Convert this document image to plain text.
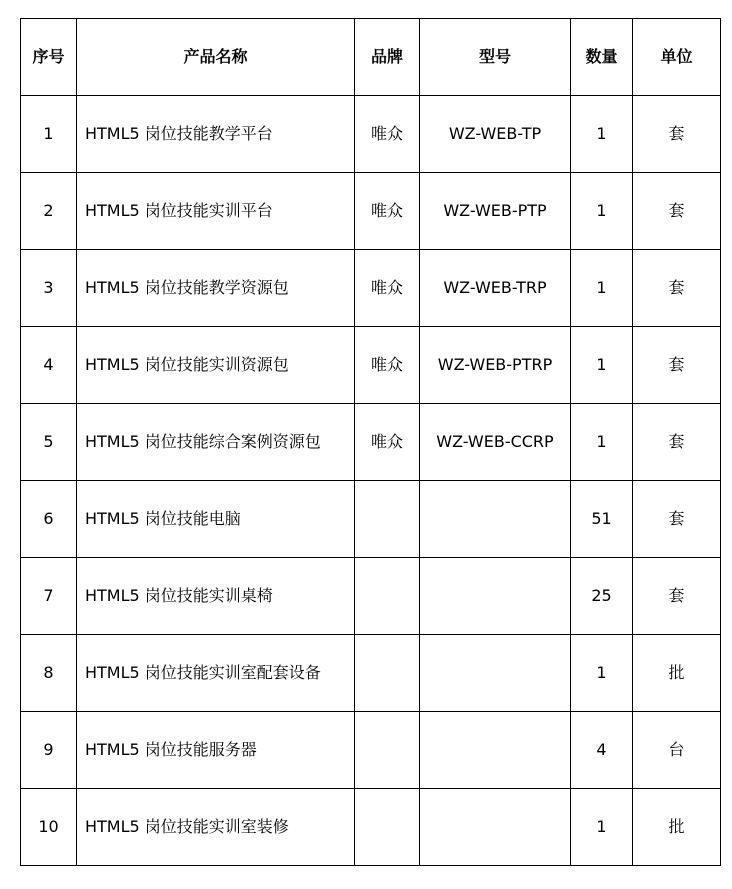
序号	产品名称	品牌	型号	数量	单位
1	HTML5 岗位技能教学平台	唯众	WZ-WEB-TP	1	套
2	HTML5 岗位技能实训平台	唯众	WZ-WEB-PTP	1	套
3	HTML5 岗位技能教学资源包	唯众	WZ-WEB-TRP	1	套
4	HTML5 岗位技能实训资源包	唯众	WZ-WEB-PTRP	1	套
5	HTML5 岗位技能综合案例资源包	唯众	WZ-WEB-CCRP	1	套
6	HTML5 岗位技能电脑			51	套
7	HTML5 岗位技能实训桌椅			25	套
8	HTML5 岗位技能实训室配套设备			1	批
9	HTML5 岗位技能服务器			4	台
10	HTML5 岗位技能实训室装修			1	批
